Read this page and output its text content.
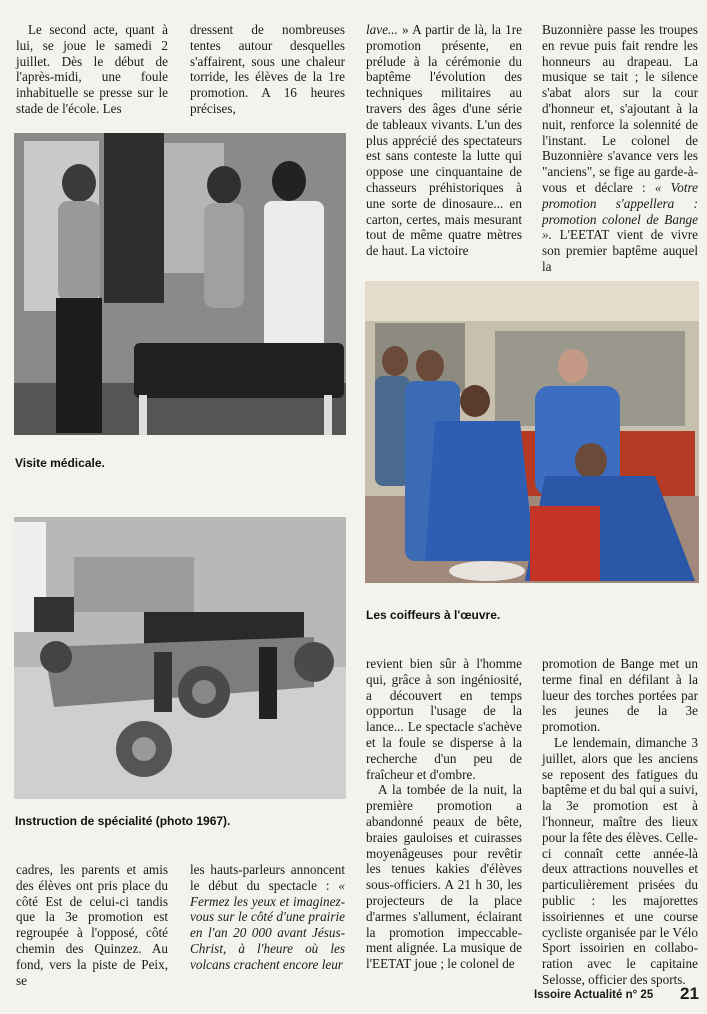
Le second acte, quant à lui, se joue le samedi 2 juillet. Dès le début de l'après-midi, une foule inhabituelle se presse sur le stade de l'école. Les

dressent de nombreuses tentes autour desquelles s'affairent, sous une chaleur torride, les élèves de la 1re promotion. A 16 heures précises,

lave... » A partir de là, la 1re promotion présente, en prélude à la cérémonie du baptême l'évolution des techniques militaires au travers des âges d'une série de tableaux vivants. L'un des plus apprécié des spectateurs est sans conteste la lutte qui oppose une cinquantaine de chasseurs préhistoriques à une sorte de dinosaure... en carton, certes, mais mesurant tout de même quatre mètres de haut. La victoire

Buzonnière passe les troupes en revue puis fait rendre les honneurs au drapeau. La musique se tait ; le silence s'abat alors sur la cour d'honneur et, s'ajoutant à la nuit, renforce la solennité de l'instant. Le colonel de Buzonnière s'avance vers les "anciens", se fige au garde-à-vous et déclare : « Votre promotion s'appellera : promotion colonel de Bange ». L'EETAT vient de vivre son premier baptême auquel la

Visite médicale.
Les coiffeurs à l'œuvre.
Instruction de spécialité (photo 1967).

cadres, les parents et amis des élèves ont pris place du côté Est de celui-ci tandis que la 3e promotion est regroupée à l'opposé, côté chemin des Quinzez. Au fond, vers la piste de Peix, se

les hauts-parleurs annoncent le début du spectacle : « Fermez les yeux et imaginez-vous sur le côté d'une prairie en l'an 20 000 avant Jésus-Christ, à l'heure où les volcans crachent encore leur

revient bien sûr à l'homme qui, grâce à son ingéniosité, a découvert en temps opportun l'usage de la lance... Le spectacle s'achève et la foule se disperse à la recherche d'un peu de fraîcheur et d'ombre.

A la tombée de la nuit, la première promotion a abandonné peaux de bête, braies gauloises et cuirasses moyenâgeuses pour revêtir les tenues kakies d'élèves sous-officiers. A 21 h 30, les projecteurs de la place d'armes s'allument, éclairant la promotion impeccable-ment alignée. La musique de l'EETAT joue ; le colonel de

promotion de Bange met un terme final en défilant à la lueur des torches portées par les jeunes de la 3e promotion.

Le lendemain, dimanche 3 juillet, alors que les anciens se reposent des fatigues du baptême et du bal qui a suivi, la 3e promotion est à l'honneur, maître des lieux pour la fête des élèves. Celle-ci connaît cette année-là deux attractions nouvelles et particulièrement prisées du public : les majorettes issoiriennes et une course cycliste organisée par le Vélo Sport issoirien en collabo-ration avec le capitaine Selosse, officier des sports.

Issoire Actualité n° 25 21
